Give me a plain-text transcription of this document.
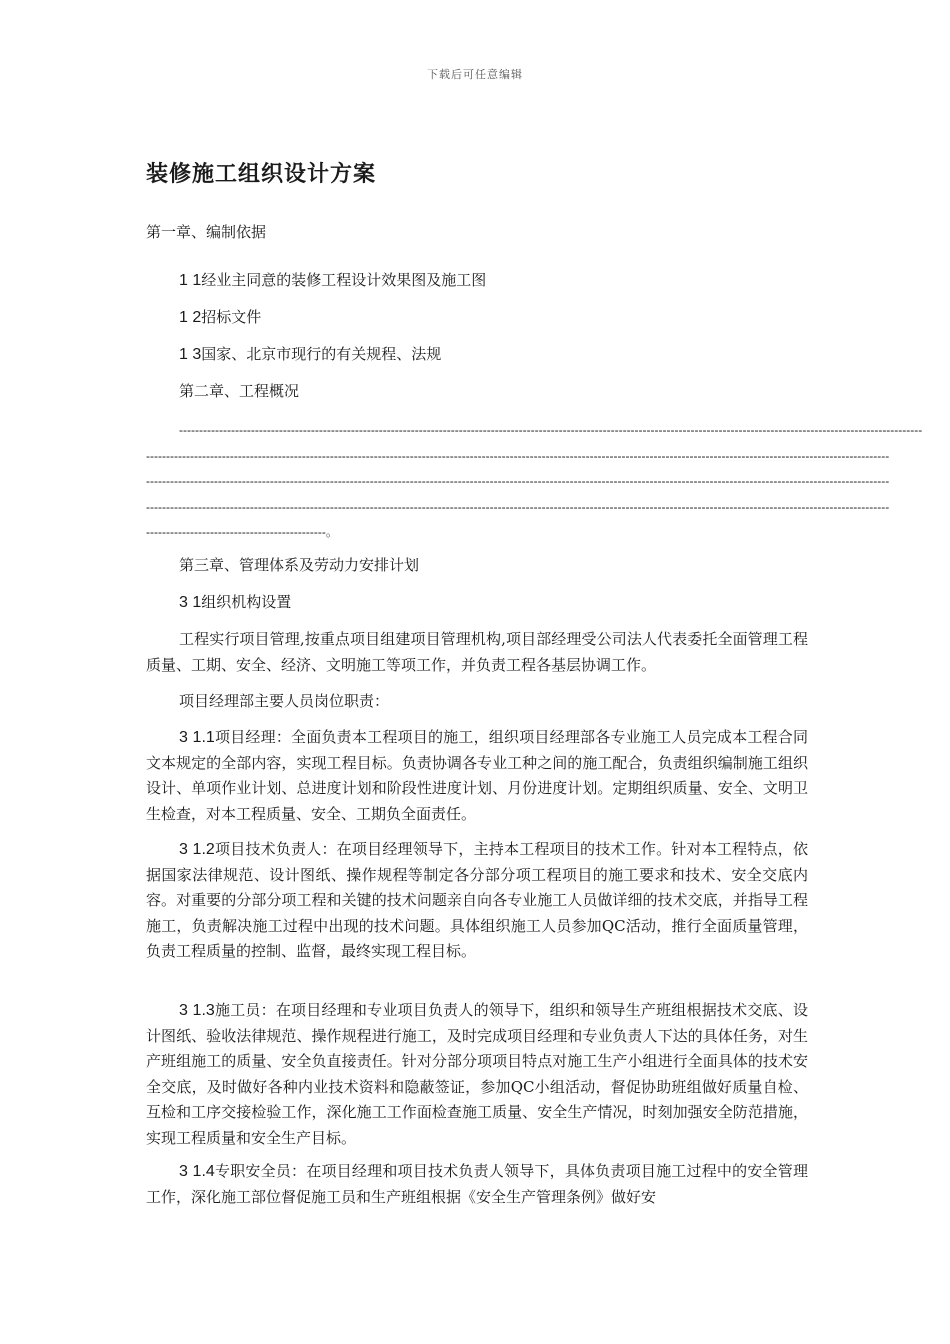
下载后可任意编辑
装修施工组织设计方案
第一章、编制依据
1 1经业主同意的装修工程设计效果图及施工图
1 2招标文件
1 3国家、北京市现行的有关规程、法规
第二章、工程概况
------------------------------------------------------------------------------------------------------------------------------------------------------------------------------------------
------------------------------------------------------------------------------------------------------------------------------------------------------------------------------------------
------------------------------------------------------------------------------------------------------------------------------------------------------------------------------------------
------------------------------------------------------------------------------------------------------------------------------------------------------------------------------------------
---------------------------------------------。
第三章、管理体系及劳动力安排计划
3 1组织机构设置

工程实行项目管理,按重点项目组建项目管理机构,项目部经理受公司法人代表委托全面管理工程质量、工期、安全、经济、文明施工等项工作，并负责工程各基层协调工作。

项目经理部主要人员岗位职责：

3 1.1项目经理：全面负责本工程项目的施工，组织项目经理部各专业施工人员完成本工程合同文本规定的全部内容，实现工程目标。负责协调各专业工种之间的施工配合，负责组织编制施工组织设计、单项作业计划、总进度计划和阶段性进度计划、月份进度计划。定期组织质量、安全、文明卫生检查，对本工程质量、安全、工期负全面责任。

3 1.2项目技术负责人：在项目经理领导下，主持本工程项目的技术工作。针对本工程特点，依据国家法律规范、设计图纸、操作规程等制定各分部分项工程项目的施工要求和技术、安全交底内容。对重要的分部分项工程和关键的技术问题亲自向各专业施工人员做详细的技术交底，并指导工程施工，负责解决施工过程中出现的技术问题。具体组织施工人员参加QC活动，推行全面质量管理，负责工程质量的控制、监督，最终实现工程目标。

3 1.3施工员：在项目经理和专业项目负责人的领导下，组织和领导生产班组根据技术交底、设计图纸、验收法律规范、操作规程进行施工，及时完成项目经理和专业负责人下达的具体任务，对生产班组施工的质量、安全负直接责任。针对分部分项项目特点对施工生产小组进行全面具体的技术安全交底，及时做好各种内业技术资料和隐蔽签证，参加QC小组活动，督促协助班组做好质量自检、互检和工序交接检验工作，深化施工工作面检查施工质量、安全生产情况，时刻加强安全防范措施，实现工程质量和安全生产目标。

3 1.4专职安全员：在项目经理和项目技术负责人领导下，具体负责项目施工过程中的安全管理工作，深化施工部位督促施工员和生产班组根据《安全生产管理条例》做好安
